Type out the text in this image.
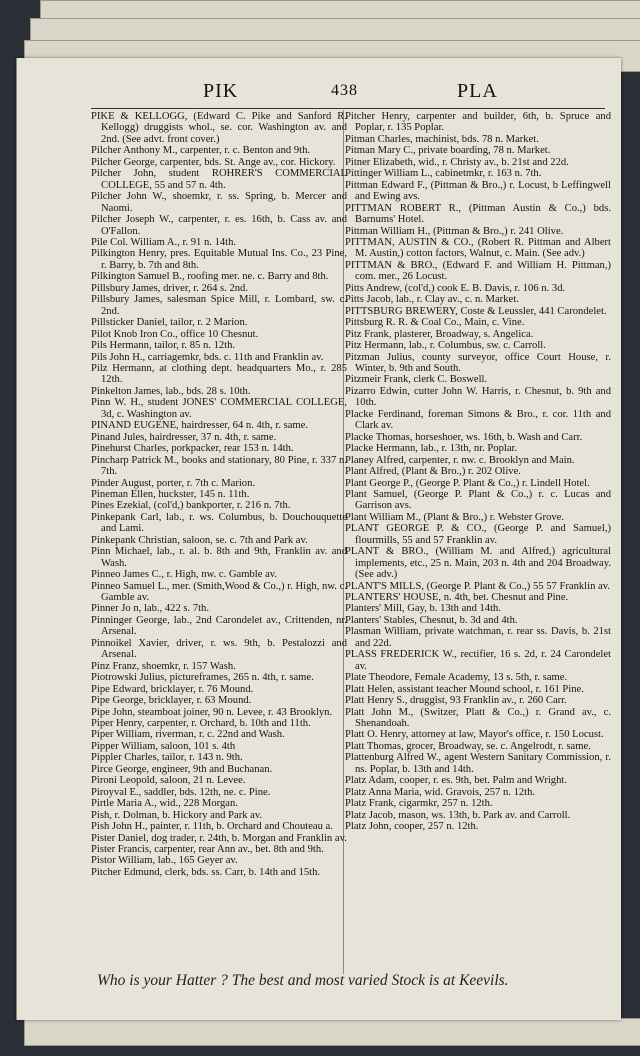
PIK	438	PLA

PIKE & KELLOGG, (Edward C. Pike and Sanford R. Kellogg) druggists whol., se. cor. Washington av. and 2nd. (See advt. front cover.)

Pilcher Anthony M., carpenter, r. c. Benton and 9th.

Pilcher George, carpenter, bds. St. Ange av., cor. Hickory.

Pilcher John, student ROHRER'S COMMERCIAL COLLEGE, 55 and 57 n. 4th.

Pilcher John W., shoemkr, r. ss. Spring, b. Mercer and Naomi.

Pilcher Joseph W., carpenter, r. es. 16th, b. Cass av. and O'Fallon.

Pile Col. William A., r. 91 n. 14th.

Pilkington Henry, pres. Equitable Mutual Ins. Co., 23 Pine, r. Barry, b. 7th and 8th.

Pilkington Samuel B., roofing mer. ne. c. Barry and 8th.

Pillsbury James, driver, r. 264 s. 2nd.

Pillsbury James, salesman Spice Mill, r. Lombard, sw. c. 2nd.

Pillsticker Daniel, tailor, r. 2 Marion.

Pilot Knob Iron Co., office 10 Chesnut.

Pils Hermann, tailor, r. 85 n. 12th.

Pils John H., carriagemkr, bds. c. 11th and Franklin av.

Pilz Hermann, at clothing dept. headquarters Mo., r. 285 12th.

Pinkelton James, lab., bds. 28 s. 10th.

Pinn W. H., student JONES' COMMERCIAL COLLEGE, 3d, c. Washington av.

PINAND EUGENE, hairdresser, 64 n. 4th, r. same.

Pinand Jules, hairdresser, 37 n. 4th, r. same.

Pinehurst Charles, porkpacker, rear 153 n. 14th.

Pincharp Patrick M., books and stationary, 80 Pine, r. 337 n. 7th.

Pinder August, porter, r. 7th c. Marion.

Pineman Ellen, huckster, 145 n. 11th.

Pines Ezekial, (col'd,) bankporter, r. 216 n. 7th.

Pinkepank Carl, lab., r. ws. Columbus, b. Douchouquette and Lami.

Pinkepank Christian, saloon, se. c. 7th and Park av.

Pinn Michael, lab., r. al. b. 8th and 9th, Franklin av. and Wash.

Pinneo James C., r. High, nw. c. Gamble av.

Pinneo Samuel L., mer. (Smith,Wood & Co.,) r. High, nw. c. Gamble av.

Pinner Jo n, lab., 422 s. 7th.

Pinninger George, lab., 2nd Carondelet av., Crittenden, nr. Arsenal.

Pinnoikel Xavier, driver, r. ws. 9th, b. Pestalozzi and Arsenal.

Pinz Franz, shoemkr, r. 157 Wash.

Piotrowski Julius, pictureframes, 265 n. 4th, r. same.

Pipe Edward, bricklayer, r. 76 Mound.

Pipe George, bricklayer, r. 63 Mound.

Pipe John, steamboat joiner, 90 n. Levee, r. 43 Brooklyn.

Piper Henry, carpenter, r. Orchard, b. 10th and 11th.

Piper William, riverman, r. c. 22nd and Wash.

Pipper William, saloon, 101 s. 4th

Pippler Charles, tailor, r. 143 n. 9th.

Pirce George, engineer, 9th and Buchanan.

Pironi Leopold, saloon, 21 n. Levee.

Piroyval E., saddler, bds. 12th, ne. c. Pine.

Pirtle Maria A., wid., 228 Morgan.

Pish, r. Dolman, b. Hickory and Park av.

Pish John H., painter, r. 11th, b. Orchard and Chouteau a.

Pister Daniel, dog trader, r. 24th, b. Morgan and Franklin av.

Pister Francis, carpenter, rear Ann av., bet. 8th and 9th.

Pistor William, lab., 165 Geyer av.

Pitcher Edmund, clerk, bds. ss. Carr, b. 14th and 15th.

Pitcher Henry, carpenter and builder, 6th, b. Spruce and Poplar, r. 135 Poplar.

Pitman Charles, machinist, bds. 78 n. Market.

Pitman Mary C., private boarding, 78 n. Market.

Pitner Elizabeth, wid., r. Christy av., b. 21st and 22d.

Pittinger William L., cabinetmkr, r. 163 n. 7th.

Pittman Edward F., (Pittman & Bro.,) r. Locust, b Leffingwell and Ewing avs.

PITTMAN ROBERT R., (Pittman Austin & Co.,) bds. Barnums' Hotel.

Pittman William H., (Pittman & Bro.,) r. 241 Olive.

PITTMAN, AUSTIN & CO., (Robert R. Pittman and Albert M. Austin,) cotton factors, Walnut, c. Main. (See adv.)

PITTMAN & BRO., (Edward F. and William H. Pittman,) com. mer., 26 Locust.

Pitts Andrew, (col'd,) cook E. B. Davis, r. 106 n. 3d.

Pitts Jacob, lab., r. Clay av., c. n. Market.

PITTSBURG BREWERY, Coste & Leussler, 441 Carondelet.

Pittsburg R. R. & Coal Co., Main, c. Vine.

Pitz Frank, plasterer, Broadway, s. Angelica.

Pitz Hermann, lab., r. Columbus, sw. c. Carroll.

Pitzman Julius, county surveyor, office Court House, r. Winter, b. 9th and South.

Pitzmeir Frank, clerk C. Boswell.

Pizarro Edwin, cutter John W. Harris, r. Chesnut, b. 9th and 10th.

Placke Ferdinand, foreman Simons & Bro., r. cor. 11th and Clark av.

Placke Thomas, horseshoer, ws. 16th, b. Wash and Carr.

Placke Hermann, lab., r. 13th, nr. Poplar.

Planey Alfred, carpenter, r. nw. c. Brooklyn and Main.

Plant Alfred, (Plant & Bro.,) r. 202 Olive.

Plant George P., (George P. Plant & Co.,) r. Lindell Hotel.

Plant Samuel, (George P. Plant & Co.,) r. c. Lucas and Garrison avs.

Plant William M., (Plant & Bro.,) r. Webster Grove.

PLANT GEORGE P. & CO., (George P. and Samuel,) flourmills, 55 and 57 Franklin av.

PLANT & BRO., (William M. and Alfred,) agricultural implements, etc., 25 n. Main, 203 n. 4th and 204 Broadway. (See adv.)

PLANT'S MILLS, (George P. Plant & Co.,) 55 57 Franklin av.

PLANTERS' HOUSE, n. 4th, bet. Chesnut and Pine.

Planters' Mill, Gay, b. 13th and 14th.

Planters' Stables, Chesnut, b. 3d and 4th.

Plasman William, private watchman, r. rear ss. Davis, b. 21st and 22d.

PLASS FREDERICK W., rectifier, 16 s. 2d, r. 24 Carondelet av.

Plate Theodore, Female Academy, 13 s. 5th, r. same.

Platt Helen, assistant teacher Mound school, r. 161 Pine.

Platt Henry S., druggist, 93 Franklin av., r. 260 Carr.

Platt John M., (Switzer, Platt & Co.,) r. Grand av., c. Shenandoah.

Platt O. Henry, attorney at law, Mayor's office, r. 150 Locust.

Platt Thomas, grocer, Broadway, se. c. Angelrodt, r. same.

Plattenburg Alfred W., agent Western Sanitary Commission, r. ns. Poplar, b. 13th and 14th.

Platz Adam, cooper, r. es. 9th, bet. Palm and Wright.

Platz Anna Maria, wid. Gravois, 257 n. 12th.

Platz Frank, cigarmkr, 257 n. 12th.

Platz Jacob, mason, ws. 13th, b. Park av. and Carroll.

Platz John, cooper, 257 n. 12th.

Who is your Hatter ? The best and most varied Stock is at Keevils.
